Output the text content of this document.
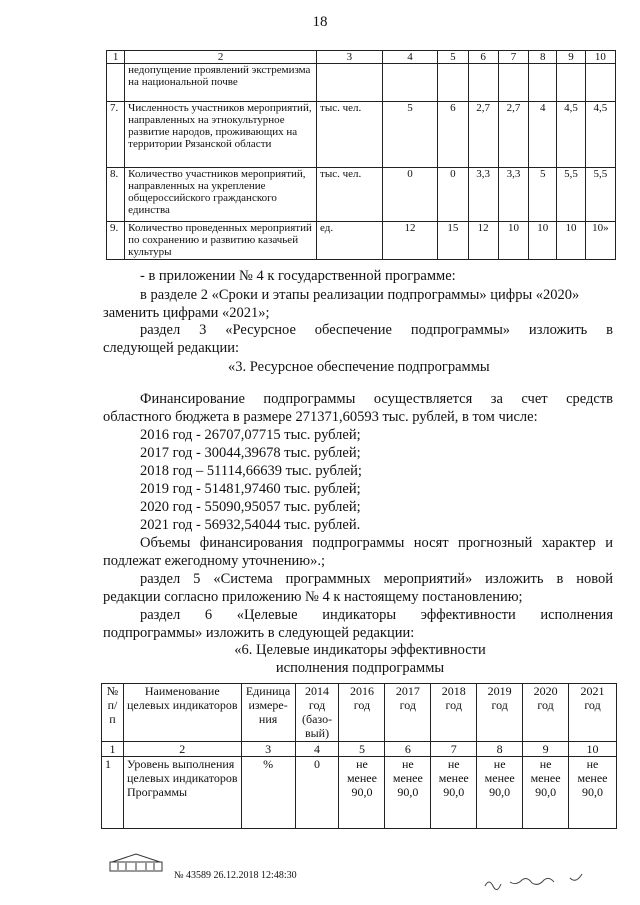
18
1	2	3	4	5	6	7	8	9	10
	недопущение проявлений экстремизма на национальной почве								
7.	Численность участников мероприятий, направленных на этнокультурное развитие народов, проживающих на территории Рязанской области	тыс. чел.	5	6	2,7	2,7	4	4,5	4,5
8.	Количество участников мероприятий, направленных на укрепление общероссийского гражданского единства	тыс. чел.	0	0	3,3	3,3	5	5,5	5,5
9.	Количество проведенных мероприятий по сохранению и развитию казачьей культуры	ед.	12	15	12	10	10	10	10»
- в приложении № 4 к государственной программе:
в разделе 2 «Сроки и этапы реализации подпрограммы» цифры «2020»
заменить цифрами «2021»;
раздел 3 «Ресурсное обеспечение подпрограммы» изложить в
следующей редакции:
«3. Ресурсное обеспечение подпрограммы
Финансирование подпрограммы осуществляется за счет средств
областного бюджета в размере 271371,60593 тыс. рублей, в том числе:
2016 год - 26707,07715 тыс. рублей;
2017 год - 30044,39678 тыс. рублей;
2018 год – 51114,66639 тыс. рублей;
2019 год - 51481,97460 тыс. рублей;
2020 год - 55090,95057 тыс. рублей;
2021 год - 56932,54044 тыс. рублей.
Объемы финансирования подпрограммы носят прогнозный характер и
подлежат ежегодному уточнению».;
раздел 5 «Система программных мероприятий» изложить в новой
редакции согласно приложению № 4 к настоящему постановлению;
раздел 6 «Целевые индикаторы эффективности исполнения
подпрограммы» изложить в следующей редакции:
«6. Целевые индикаторы эффективности
исполнения подпрограммы
№ п/п	Наименование целевых индикаторов	Единица измере-ния	2014 год (базо-вый)	2016 год	2017 год	2018 год	2019 год	2020 год	2021 год
1	2	3	4	5	6	7	8	9	10
1	Уровень выполнения целевых индикаторов Программы	%	0	не менее 90,0	не менее 90,0	не менее 90,0	не менее 90,0	не менее 90,0	не менее 90,0
№ 43589 26.12.2018 12:48:30
